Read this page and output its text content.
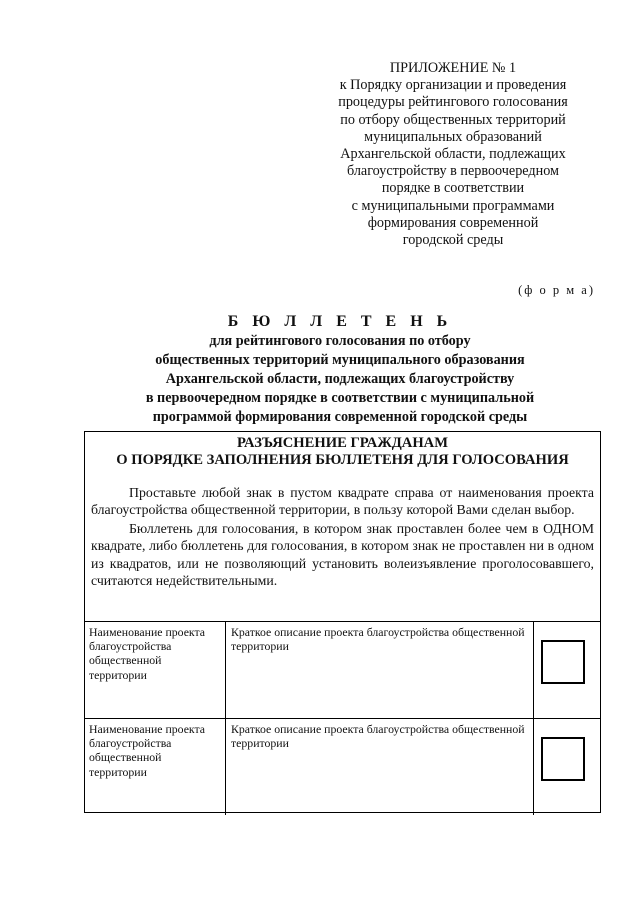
ПРИЛОЖЕНИЕ № 1
к Порядку организации и проведения
процедуры рейтингового голосования
по отбору общественных территорий
муниципальных образований
Архангельской области, подлежащих
благоустройству в первоочередном
порядке в соответствии
с муниципальными программами
формирования современной
городской среды
(ф о р м а)
Б Ю Л Л Е Т Е Н Ь
для рейтингового голосования по отбору
общественных территорий муниципального образования
Архангельской области, подлежащих благоустройству
в первоочередном порядке в соответствии с муниципальной
программой формирования современной городской среды
РАЗЪЯСНЕНИЕ ГРАЖДАНАМ
О ПОРЯДКЕ ЗАПОЛНЕНИЯ БЮЛЛЕТЕНЯ ДЛЯ ГОЛОСОВАНИЯ

Проставьте любой знак в пустом квадрате справа от наименования проекта благоустройства общественной территории, в пользу которой Вами сделан выбор.

Бюллетень для голосования, в котором знак проставлен более чем в ОДНОМ квадрате, либо бюллетень для голосования, в котором знак не проставлен ни в одном из квадратов, или не позволяющий установить волеизъявление проголосовавшего, считаются недействительными.

Наименование проекта благоустройства общественной территории
Краткое описание проекта благоустройства общественной территории
Наименование проекта благоустройства общественной территории
Краткое описание проекта благоустройства общественной территории
